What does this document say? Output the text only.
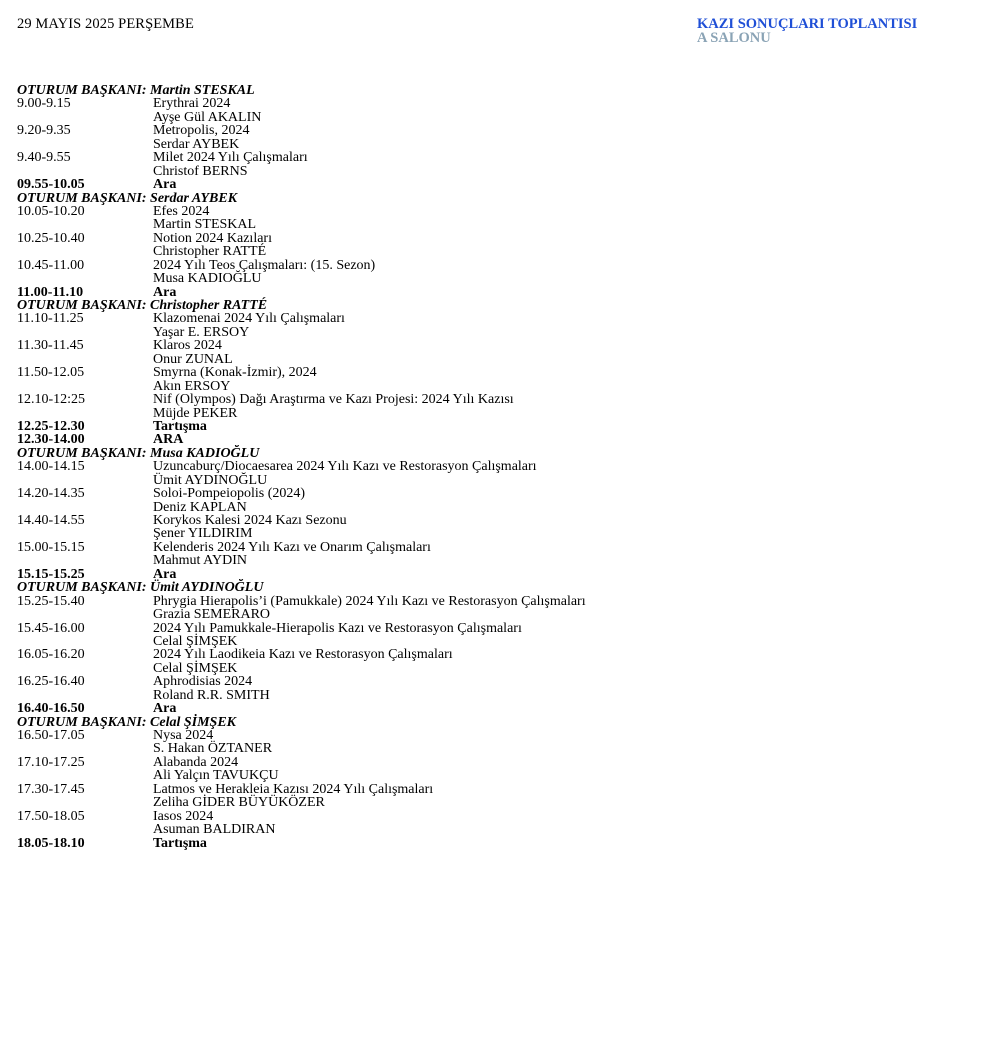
29 MAYIS 2025 PERŞEMBE	KAZI SONUÇLARI TOPLANTISI
A SALONU
OTURUM BAŞKANI: Martin STESKAL
9.00-9.15	Erythrai 2024
Ayşe Gül AKALIN
9.20-9.35	Metropolis, 2024
Serdar AYBEK
9.40-9.55	Milet 2024 Yılı Çalışmaları
Christof BERNS
09.55-10.05	Ara
OTURUM BAŞKANI: Serdar AYBEK
10.05-10.20	Efes 2024
Martin STESKAL
10.25-10.40	Notion 2024 Kazıları
Christopher RATTÉ
10.45-11.00	2024 Yılı Teos Çalışmaları: (15. Sezon)
Musa KADIOĞLU
11.00-11.10	Ara
OTURUM BAŞKANI: Christopher RATTÉ
11.10-11.25	Klazomenai 2024 Yılı Çalışmaları
Yaşar E. ERSOY
11.30-11.45	Klaros 2024
Onur ZUNAL
11.50-12.05	Smyrna (Konak-İzmir), 2024
Akın ERSOY
12.10-12:25	Nif (Olympos) Dağı Araştırma ve Kazı Projesi: 2024 Yılı Kazısı
Müjde PEKER
12.25-12.30	Tartışma
12.30-14.00	ARA
OTURUM BAŞKANI: Musa KADIOĞLU
14.00-14.15	Uzuncaburç/Diocaesarea 2024 Yılı Kazı ve Restorasyon Çalışmaları
Ümit AYDINOĞLU
14.20-14.35	Soloi-Pompeiopolis (2024)
Deniz KAPLAN
14.40-14.55	Korykos Kalesi 2024 Kazı Sezonu
Şener YILDIRIM
15.00-15.15	Kelenderis 2024 Yılı Kazı ve Onarım Çalışmaları
Mahmut AYDIN
15.15-15.25	Ara
OTURUM BAŞKANI: Ümit AYDINOĞLU
15.25-15.40	Phrygia Hierapolis’i (Pamukkale) 2024 Yılı Kazı ve Restorasyon Çalışmaları
Grazia SEMERARO
15.45-16.00	2024 Yılı Pamukkale-Hierapolis Kazı ve Restorasyon Çalışmaları
Celal ŞİMŞEK
16.05-16.20	2024 Yılı Laodikeia Kazı ve Restorasyon Çalışmaları
Celal ŞİMŞEK
16.25-16.40	Aphrodisias 2024
Roland R.R. SMITH
16.40-16.50	Ara
OTURUM BAŞKANI: Celal ŞİMŞEK
16.50-17.05	Nysa 2024
S. Hakan ÖZTANER
17.10-17.25	Alabanda 2024
Ali Yalçın TAVUKÇU
17.30-17.45	Latmos ve Herakleia Kazısı 2024 Yılı Çalışmaları
Zeliha GİDER BÜYÜKÖZER
17.50-18.05	Iasos 2024
Asuman BALDIRAN
18.05-18.10	Tartışma
